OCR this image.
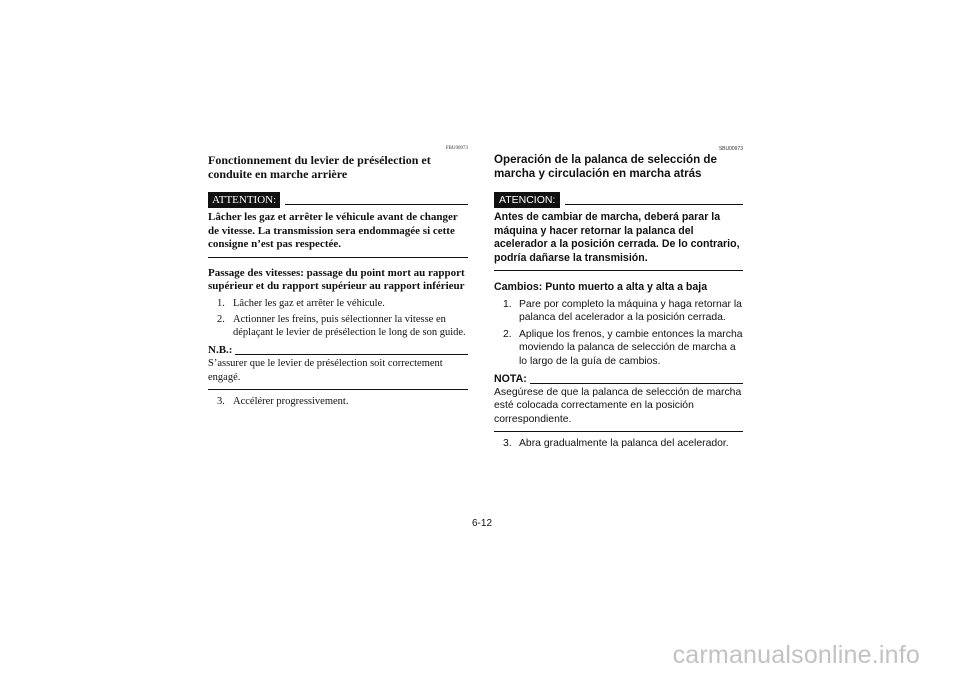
FBU00973
Fonctionnement du levier de présélection et conduite en marche arrière
ATTENTION:
Lâcher les gaz et arrêter le véhicule avant de changer de vitesse. La transmission sera endommagée si cette consigne n’est pas respectée.
Passage des vitesses: passage du point mort au rapport supérieur et du rapport supérieur au rapport inférieur
1. Lâcher les gaz et arrêter le véhicule.
2. Actionner les freins, puis sélectionner la vitesse en déplaçant le levier de présélection le long de son guide.
N.B.:
S’assurer que le levier de présélection soit correctement engagé.
3. Accélérer progressivement.
SBU00973
Operación de la palanca de selección de marcha y circulación en marcha atrás
ATENCION:
Antes de cambiar de marcha, deberá parar la máquina y hacer retornar la palanca del acelerador a la posición cerrada. De lo contrario, podría dañarse la transmisión.
Cambios: Punto muerto a alta y alta a baja
1. Pare por completo la máquina y haga retornar la palanca del acelerador a la posición cerrada.
2. Aplique los frenos, y cambie entonces la marcha moviendo la palanca de selección de marcha a lo largo de la guía de cambios.
NOTA:
Asegúrese de que la palanca de selección de marcha esté colocada correctamente en la posición correspondiente.
3. Abra gradualmente la palanca del acelerador.
6-12
carmanualsonline.info
